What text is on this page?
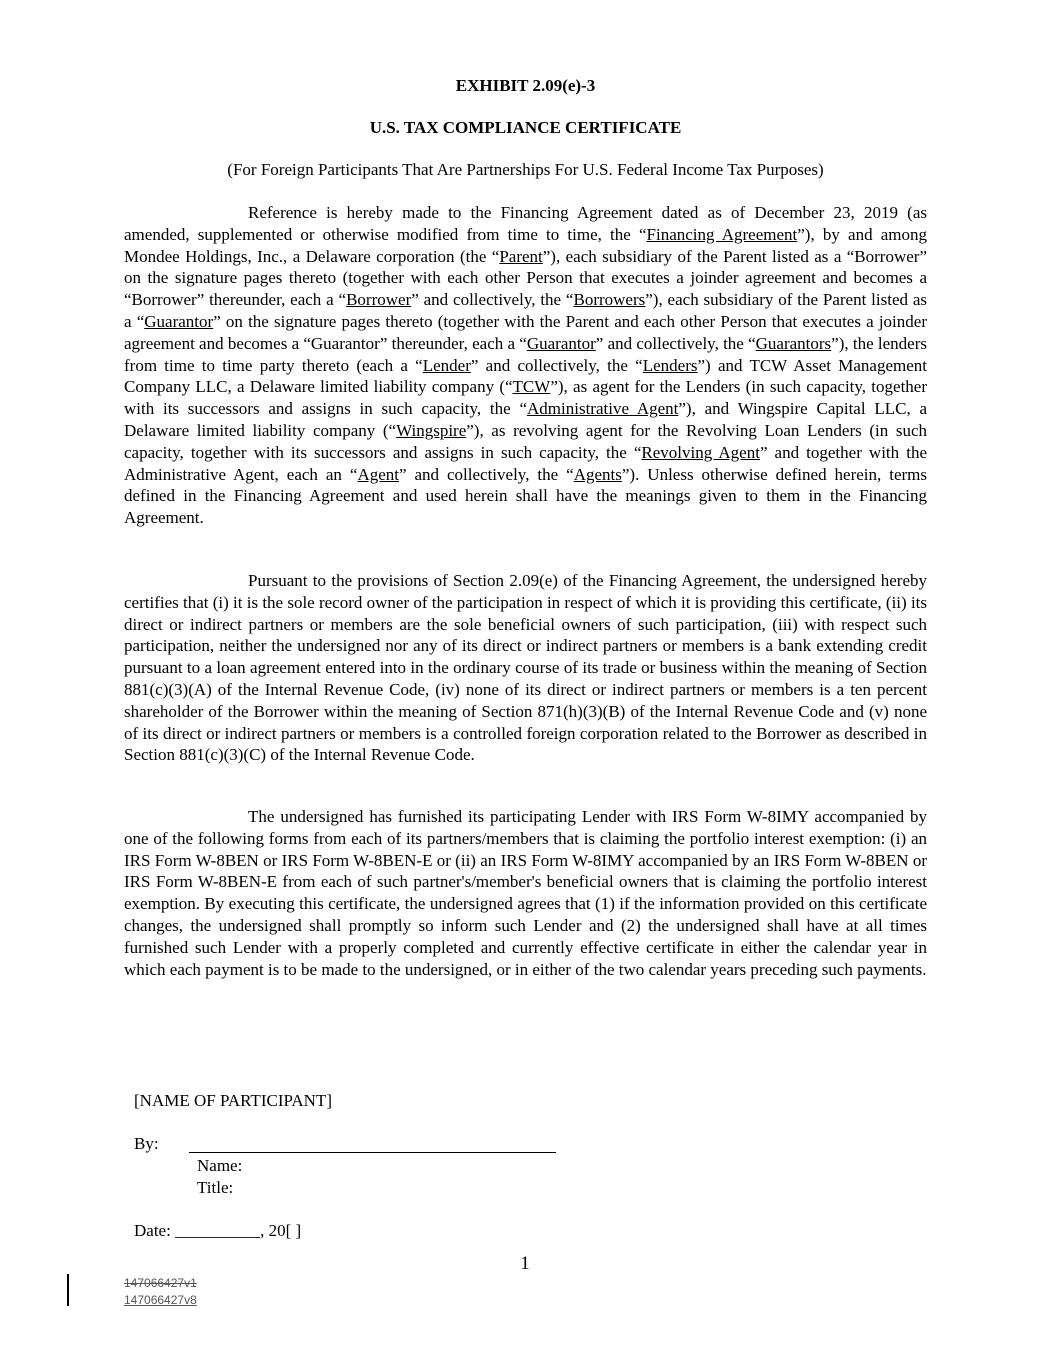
EXHIBIT 2.09(e)-3
U.S. TAX COMPLIANCE CERTIFICATE
(For Foreign Participants That Are Partnerships For U.S. Federal Income Tax Purposes)

Reference is hereby made to the Financing Agreement dated as of December 23, 2019 (as amended, supplemented or otherwise modified from time to time, the “Financing Agreement”), by and among Mondee Holdings, Inc., a Delaware corporation (the “Parent”), each subsidiary of the Parent listed as a “Borrower” on the signature pages thereto (together with each other Person that executes a joinder agreement and becomes a “Borrower” thereunder, each a “Borrower” and collectively, the “Borrowers”), each subsidiary of the Parent listed as a “Guarantor” on the signature pages thereto (together with the Parent and each other Person that executes a joinder agreement and becomes a “Guarantor” thereunder, each a “Guarantor” and collectively, the “Guarantors”), the lenders from time to time party thereto (each a “Lender” and collectively, the “Lenders”) and TCW Asset Management Company LLC, a Delaware limited liability company (“TCW”), as agent for the Lenders (in such capacity, together with its successors and assigns in such capacity, the “Administrative Agent”), and Wingspire Capital LLC, a Delaware limited liability company (“Wingspire”), as revolving agent for the Revolving Loan Lenders (in such capacity, together with its successors and assigns in such capacity, the “Revolving Agent” and together with the Administrative Agent, each an “Agent” and collectively, the “Agents”). Unless otherwise defined herein, terms defined in the Financing Agreement and used herein shall have the meanings given to them in the Financing Agreement.

Pursuant to the provisions of Section 2.09(e) of the Financing Agreement, the undersigned hereby certifies that (i) it is the sole record owner of the participation in respect of which it is providing this certificate, (ii) its direct or indirect partners or members are the sole beneficial owners of such participation, (iii) with respect such participation, neither the undersigned nor any of its direct or indirect partners or members is a bank extending credit pursuant to a loan agreement entered into in the ordinary course of its trade or business within the meaning of Section 881(c)(3)(A) of the Internal Revenue Code, (iv) none of its direct or indirect partners or members is a ten percent shareholder of the Borrower within the meaning of Section 871(h)(3)(B) of the Internal Revenue Code and (v) none of its direct or indirect partners or members is a controlled foreign corporation related to the Borrower as described in Section 881(c)(3)(C) of the Internal Revenue Code.

The undersigned has furnished its participating Lender with IRS Form W-8IMY accompanied by one of the following forms from each of its partners/members that is claiming the portfolio interest exemption: (i) an IRS Form W-8BEN or IRS Form W-8BEN-E or (ii) an IRS Form W-8IMY accompanied by an IRS Form W-8BEN or IRS Form W-8BEN-E from each of such partner's/member's beneficial owners that is claiming the portfolio interest exemption. By executing this certificate, the undersigned agrees that (1) if the information provided on this certificate changes, the undersigned shall promptly so inform such Lender and (2) the undersigned shall have at all times furnished such Lender with a properly completed and currently effective certificate in either the calendar year in which each payment is to be made to the undersigned, or in either of the two calendar years preceding such payments.

[NAME OF PARTICIPANT]
By:
Name:
Title:
Date: __________, 20[ ]
1
147066427v1
147066427v8
